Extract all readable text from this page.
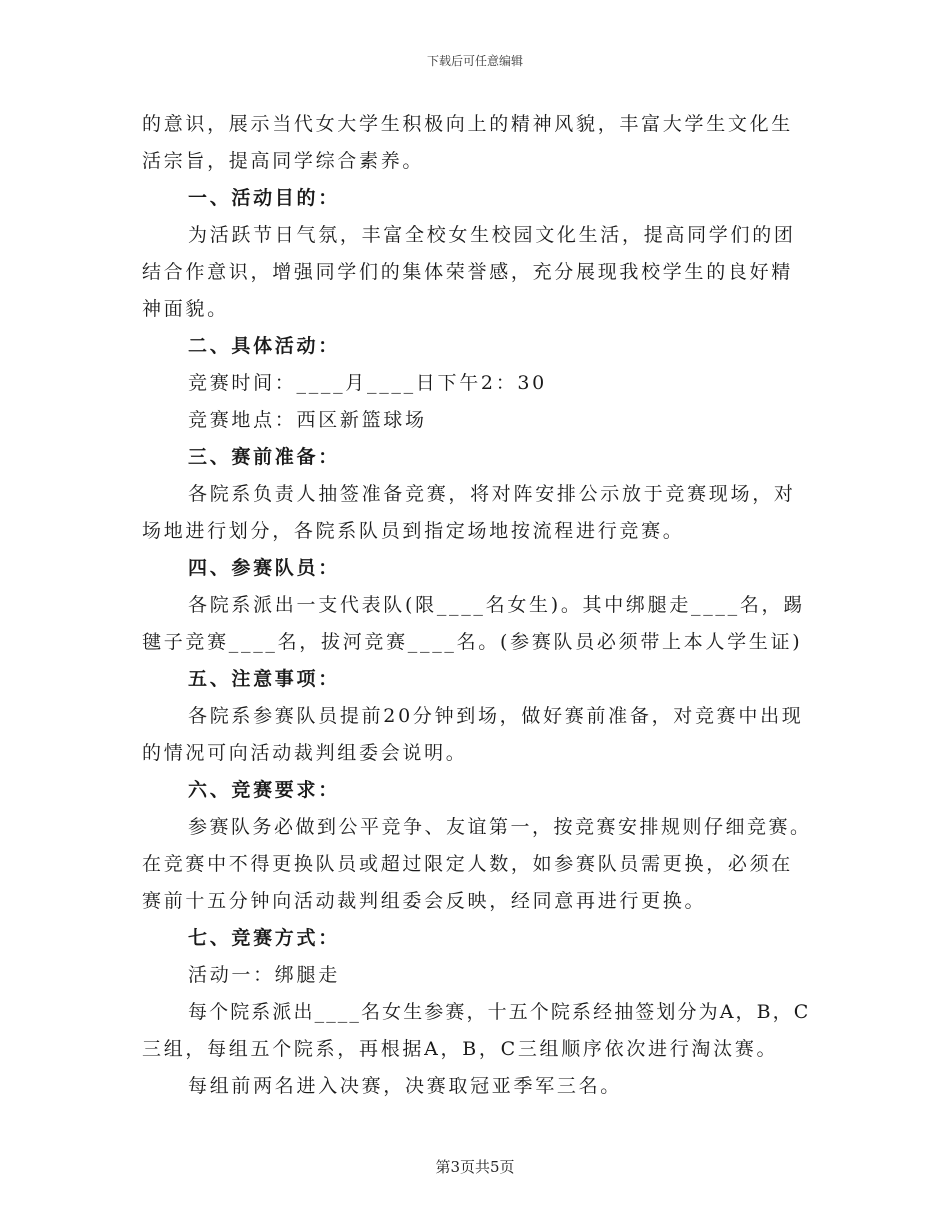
下载后可任意编辑
的意识，展示当代女大学生积极向上的精神风貌，丰富大学生文化生
活宗旨，提高同学综合素养。
一、活动目的：
为活跃节日气氛，丰富全校女生校园文化生活，提高同学们的团
结合作意识，增强同学们的集体荣誉感，充分展现我校学生的良好精
神面貌。
二、具体活动：
竞赛时间：____月____日下午2：30
竞赛地点：西区新篮球场
三、赛前准备：
各院系负责人抽签准备竞赛，将对阵安排公示放于竞赛现场，对
场地进行划分，各院系队员到指定场地按流程进行竞赛。
四、参赛队员：
各院系派出一支代表队(限____名女生)。其中绑腿走____名，踢
毽子竞赛____名，拔河竞赛____名。(参赛队员必须带上本人学生证)
五、注意事项：
各院系参赛队员提前20分钟到场，做好赛前准备，对竞赛中出现
的情况可向活动裁判组委会说明。
六、竞赛要求：
参赛队务必做到公平竞争、友谊第一，按竞赛安排规则仔细竞赛。
在竞赛中不得更换队员或超过限定人数，如参赛队员需更换，必须在
赛前十五分钟向活动裁判组委会反映，经同意再进行更换。
七、竞赛方式：
活动一：绑腿走
每个院系派出____名女生参赛，十五个院系经抽签划分为A，B，C
三组，每组五个院系，再根据A，B，C三组顺序依次进行淘汰赛。
每组前两名进入决赛，决赛取冠亚季军三名。
第3页共5页
